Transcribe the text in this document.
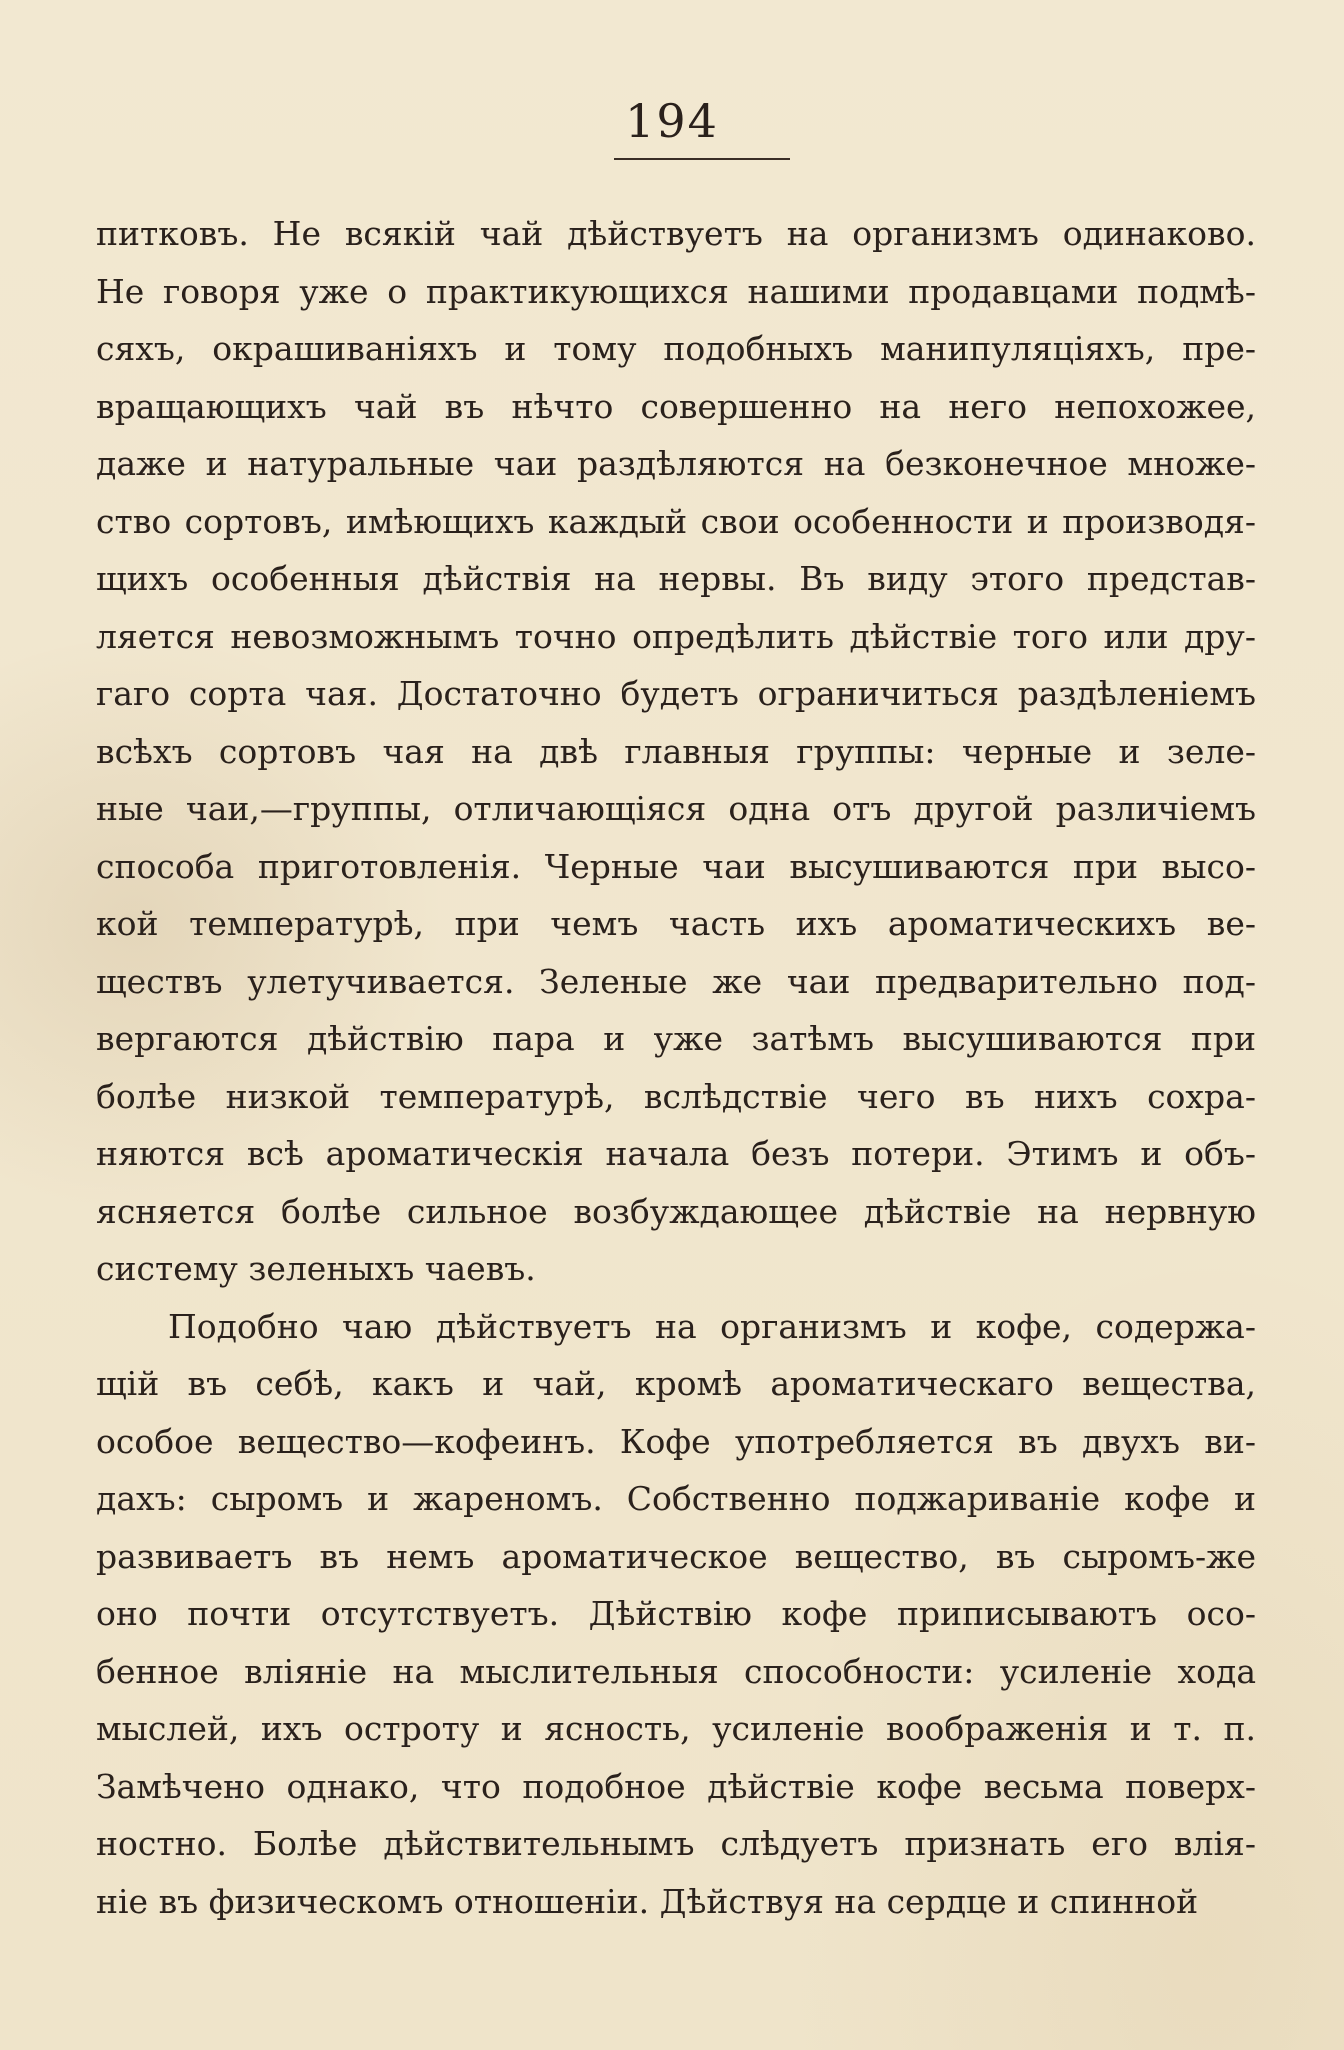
194
питковъ. Не всякій чай дѣйствуетъ на организмъ одинаково.
Не говоря уже о практикующихся нашими продавцами подмѣ-
сяхъ, окрашиваніяхъ и тому подобныхъ манипуляціяхъ, пре-
вращающихъ чай въ нѣчто совершенно на него непохожее,
даже и натуральные чаи раздѣляются на безконечное множе-
ство сортовъ, имѣющихъ каждый свои особенности и производя-
щихъ особенныя дѣйствія на нервы. Въ виду этого представ-
ляется невозможнымъ точно опредѣлить дѣйствіе того или дру-
гаго сорта чая. Достаточно будетъ ограничиться раздѣленіемъ
всѣхъ сортовъ чая на двѣ главныя группы: черные и зеле-
ные чаи,—группы, отличающіяся одна отъ другой различіемъ
способа приготовленія. Черные чаи высушиваются при высо-
кой температурѣ, при чемъ часть ихъ ароматическихъ ве-
ществъ улетучивается. Зеленые же чаи предварительно под-
вергаются дѣйствію пара и уже затѣмъ высушиваются при
болѣе низкой температурѣ, вслѣдствіе чего въ нихъ сохра-
няются всѣ ароматическія начала безъ потери. Этимъ и объ-
ясняется болѣе сильное возбуждающее дѣйствіе на нервную
систему зеленыхъ чаевъ.
Подобно чаю дѣйствуетъ на организмъ и кофе, содержа-
щій въ себѣ, какъ и чай, кромѣ ароматическаго вещества,
особое вещество—кофеинъ. Кофе употребляется въ двухъ ви-
дахъ: сыромъ и жареномъ. Собственно поджариваніе кофе и
развиваетъ въ немъ ароматическое вещество, въ сыромъ-же
оно почти отсутствуетъ. Дѣйствію кофе приписываютъ осо-
бенное вліяніе на мыслительныя способности: усиленіе хода
мыслей, ихъ остроту и ясность, усиленіе воображенія и т. п.
Замѣчено однако, что подобное дѣйствіе кофе весьма поверх-
ностно. Болѣе дѣйствительнымъ слѣдуетъ признать его влія-
ніе въ физическомъ отношеніи. Дѣйствуя на сердце и спинной
